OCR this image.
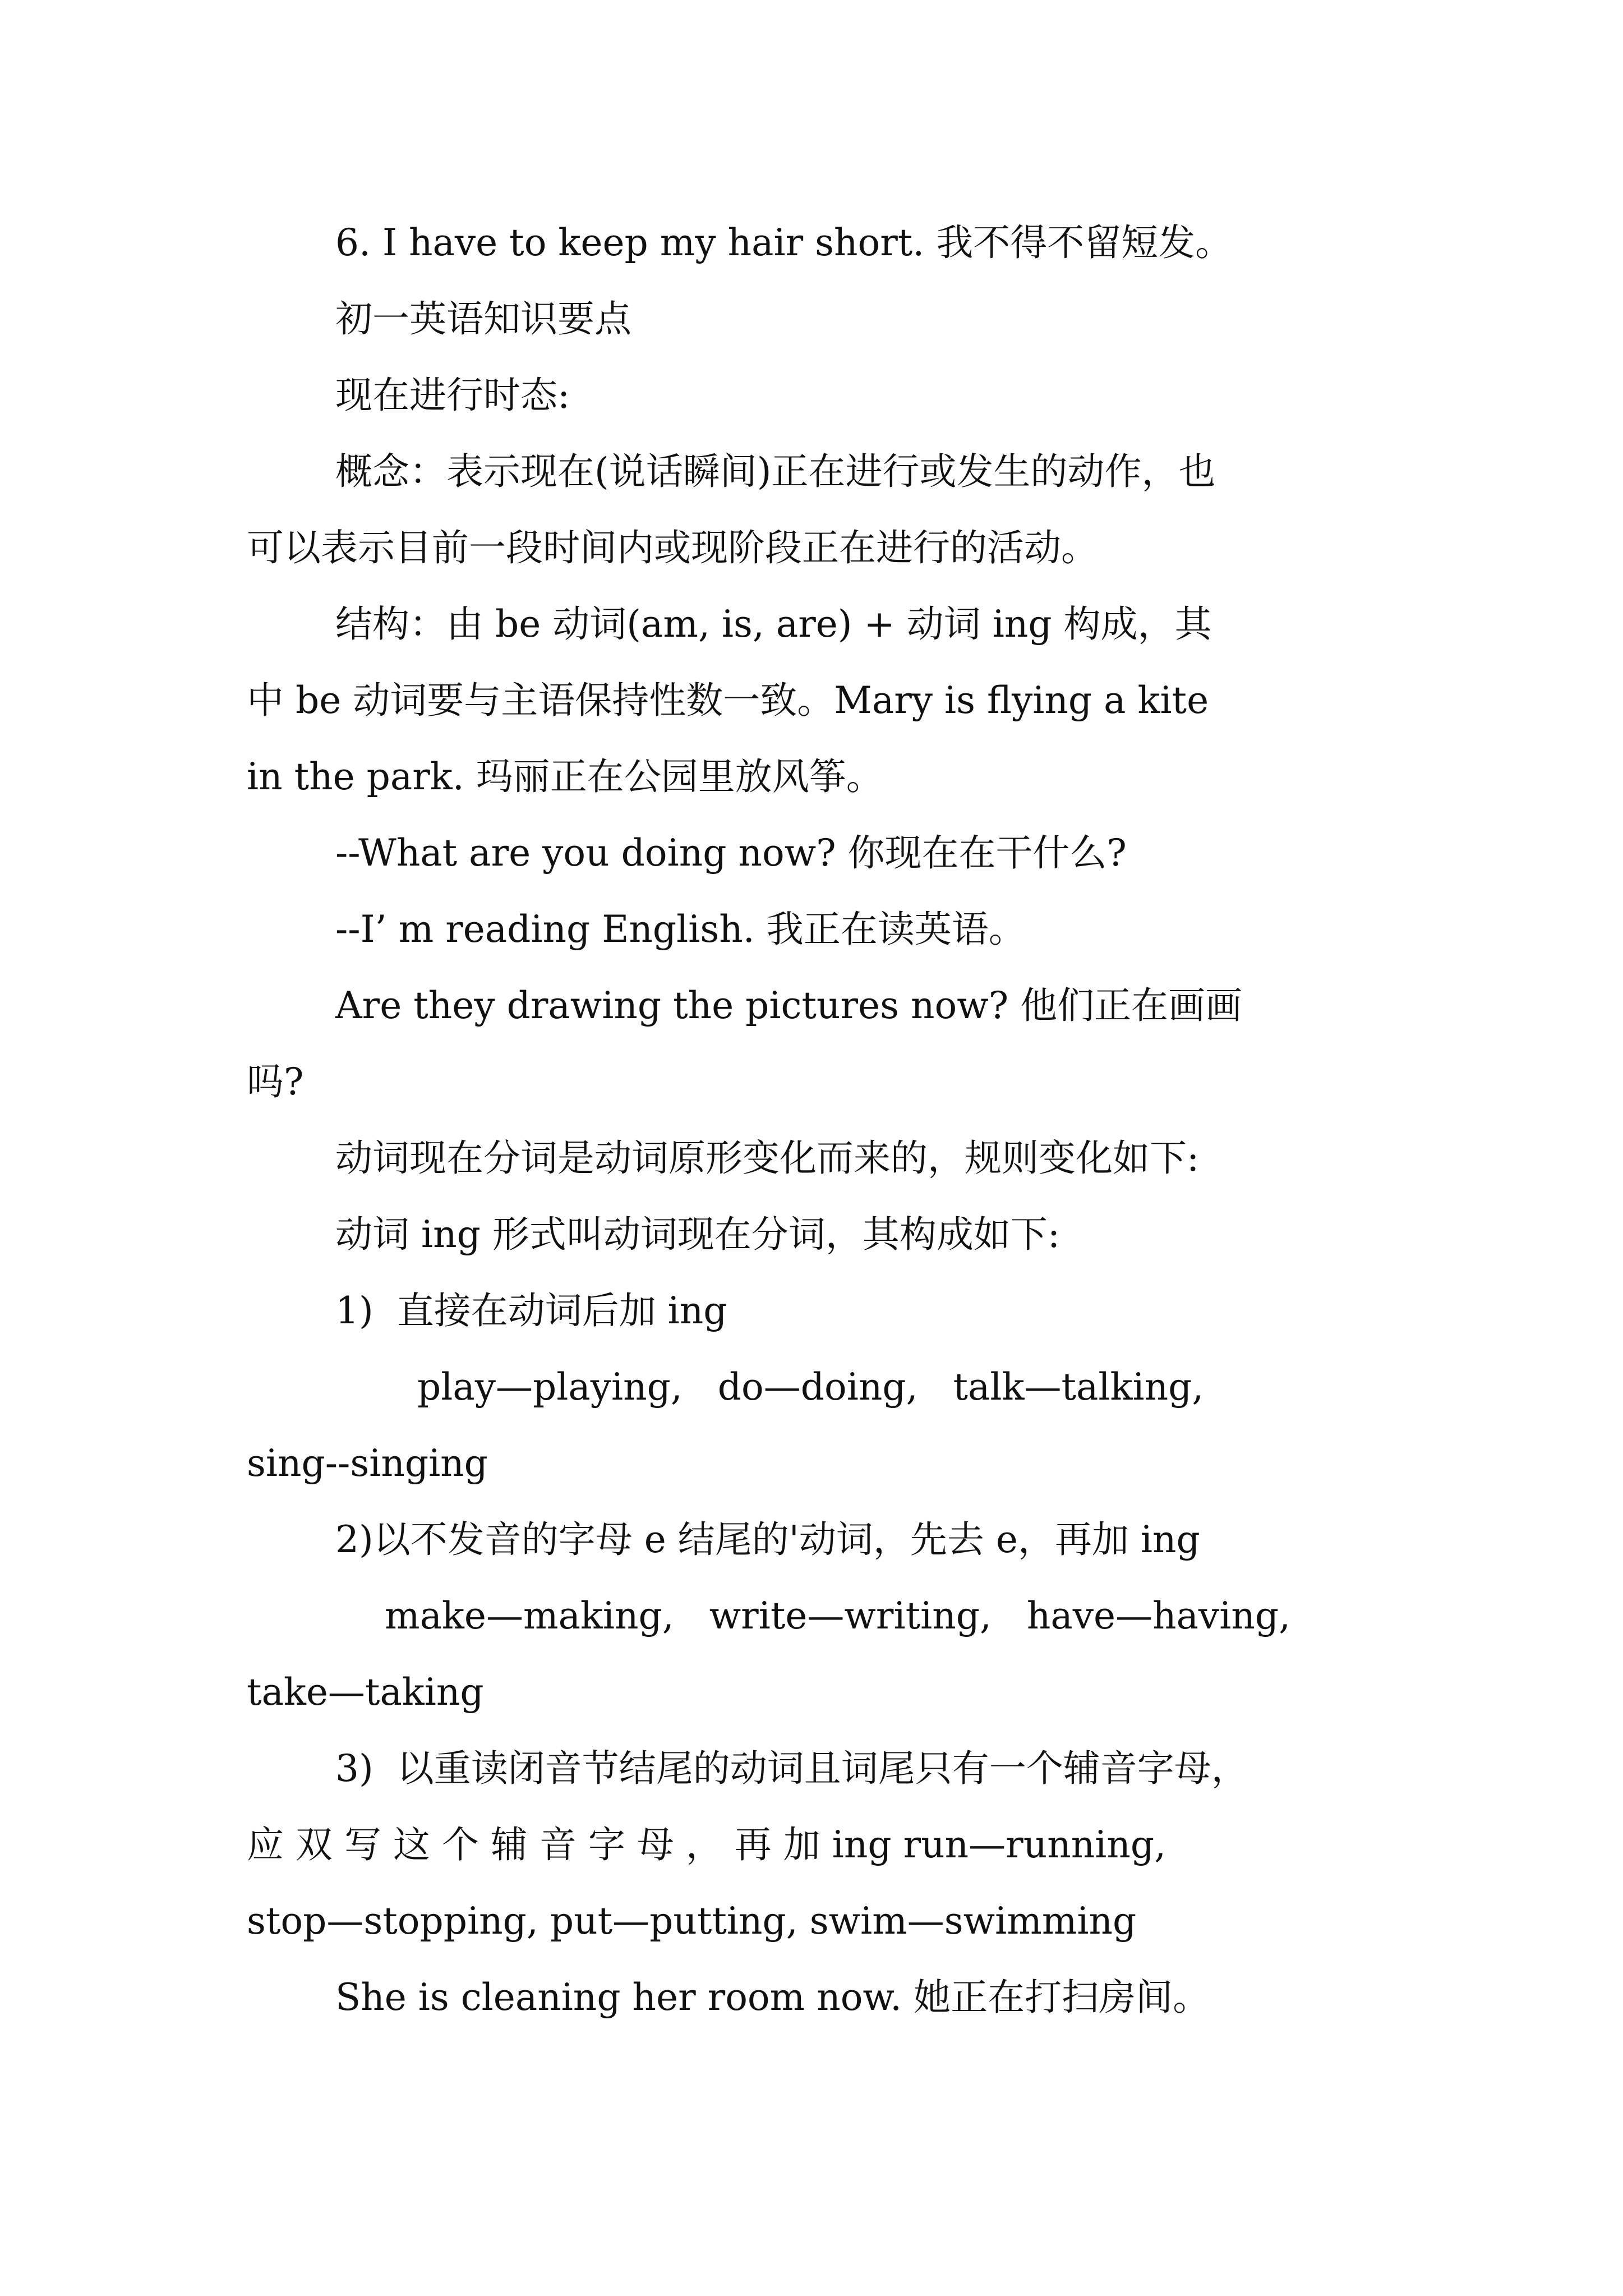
6. I have to keep my hair short. 我不得不留短发。
初一英语知识要点
现在进行时态:
概念：表示现在(说话瞬间)正在进行或发生的动作，也
可以表示目前一段时间内或现阶段正在进行的活动。
结构：由 be 动词(am, is, are) + 动词 ing 构成，其
中 be 动词要与主语保持性数一致。Mary is flying a kite
in the park. 玛丽正在公园里放风筝。
--What are you doing now? 你现在在干什么?
--I’ m reading English. 我正在读英语。
Are they drawing the pictures now? 他们正在画画
吗?
动词现在分词是动词原形变化而来的，规则变化如下:
动词 ing 形式叫动词现在分词，其构成如下:
1)  直接在动词后加 ing
play—playing,   do—doing,   talk—talking,
sing--singing
2)以不发音的字母 e 结尾的'动词，先去 e，再加 ing
make—making,   write—writing,   have—having,
take—taking
3)  以重读闭音节结尾的动词且词尾只有一个辅音字母，
应 双 写 这 个 辅 音 字 母 ， 再 加 ing run—running,
stop—stopping, put—putting, swim—swimming
She is cleaning her room now. 她正在打扫房间。
